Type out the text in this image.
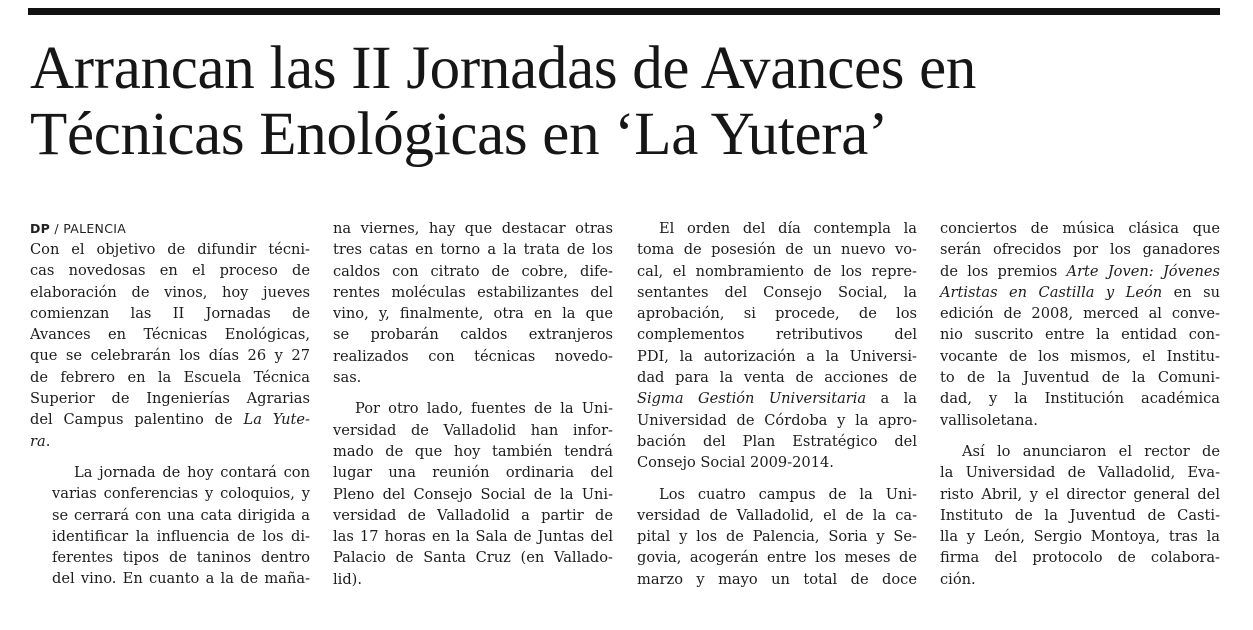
Arrancan las II Jornadas de Avances en
Técnicas Enológicas en ‘La Yutera’
DP / PALENCIA

Con el objetivo de difundir técni-
cas novedosas en el proceso de
elaboración de vinos, hoy jueves
comienzan las II Jornadas de
Avances en Técnicas Enológicas,
que se celebrarán los días 26 y 27
de febrero en la Escuela Técnica
Superior de Ingenierías Agrarias
del Campus palentino de La Yute-
ra.

La jornada de hoy contará con
varias conferencias y coloquios, y
se cerrará con una cata dirigida a
identificar la influencia de los di-
ferentes tipos de taninos dentro
del vino. En cuanto a la de maña-

na viernes, hay que destacar otras
tres catas en torno a la trata de los
caldos con citrato de cobre, dife-
rentes moléculas estabilizantes del
vino, y, finalmente, otra en la que
se probarán caldos extranjeros
realizados con técnicas novedo-
sas.

Por otro lado, fuentes de la Uni-
versidad de Valladolid han infor-
mado de que hoy también tendrá
lugar una reunión ordinaria del
Pleno del Consejo Social de la Uni-
versidad de Valladolid a partir de
las 17 horas en la Sala de Juntas del
Palacio de Santa Cruz (en Vallado-
lid).

El orden del día contempla la
toma de posesión de un nuevo vo-
cal, el nombramiento de los repre-
sentantes del Consejo Social, la
aprobación, si procede, de los
complementos retributivos del
PDI, la autorización a la Universi-
dad para la venta de acciones de
Sigma Gestión Universitaria a la
Universidad de Córdoba y la apro-
bación del Plan Estratégico del
Consejo Social 2009-2014.

Los cuatro campus de la Uni-
versidad de Valladolid, el de la ca-
pital y los de Palencia, Soria y Se-
govia, acogerán entre los meses de
marzo y mayo un total de doce

conciertos de música clásica que
serán ofrecidos por los ganadores
de los premios Arte Joven: Jóvenes
Artistas en Castilla y León en su
edición de 2008, merced al conve-
nio suscrito entre la entidad con-
vocante de los mismos, el Institu-
to de la Juventud de la Comuni-
dad, y la Institución académica
vallisoletana.

Así lo anunciaron el rector de
la Universidad de Valladolid, Eva-
risto Abril, y el director general del
Instituto de la Juventud de Casti-
lla y León, Sergio Montoya, tras la
firma del protocolo de colabora-
ción.
